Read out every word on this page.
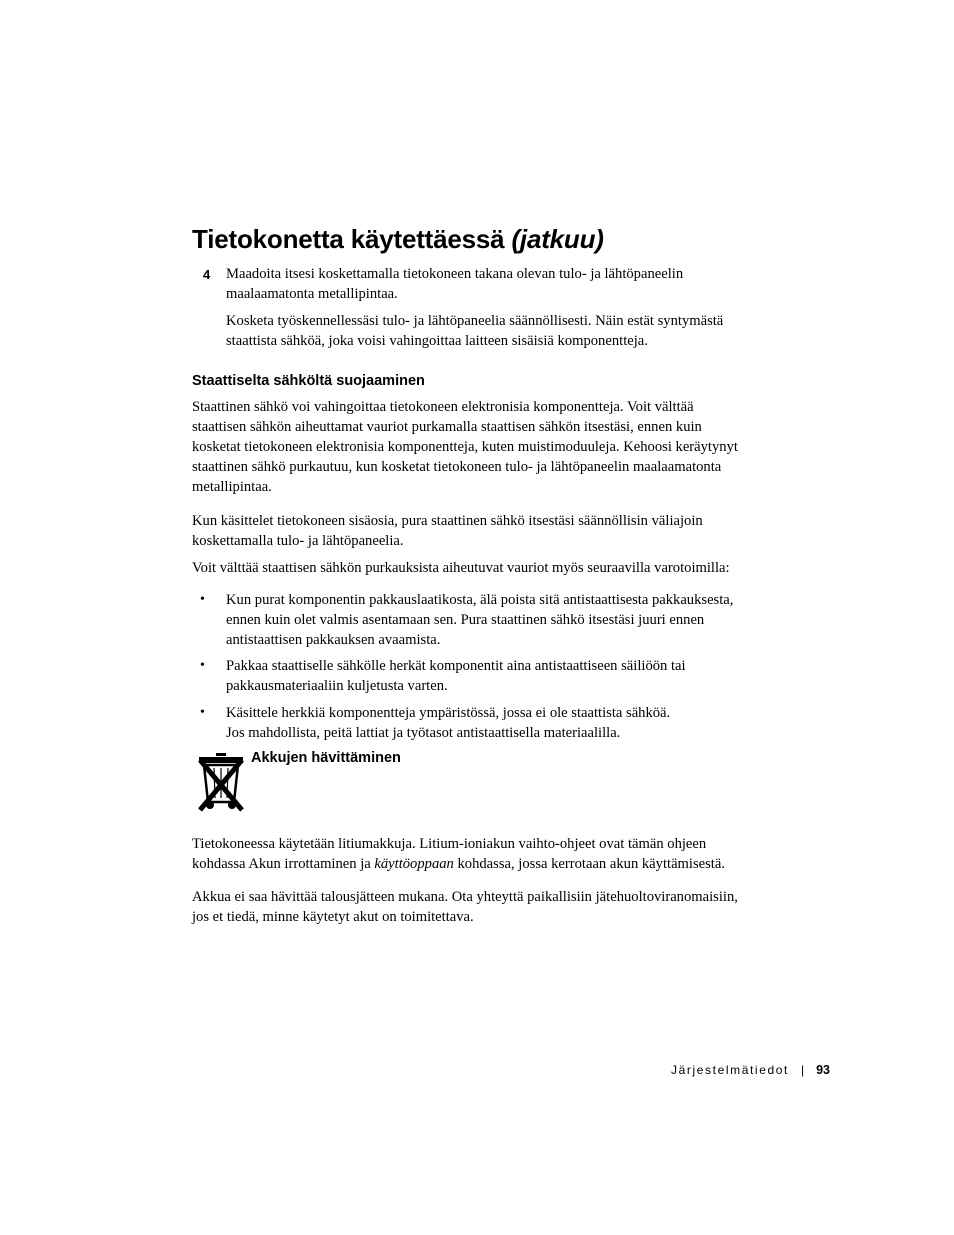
Tietokonetta käytettäessä (jatkuu)
4 Maadoita itsesi koskettamalla tietokoneen takana olevan tulo- ja lähtöpaneelin
maalaamatonta metallipintaa.

Kosketa työskennellessäsi tulo- ja lähtöpaneelia säännöllisesti. Näin estät syntymästä
staattista sähköä, joka voisi vahingoittaa laitteen sisäisiä komponentteja.

Staattiselta sähköltä suojaaminen

Staattinen sähkö voi vahingoittaa tietokoneen elektronisia komponentteja. Voit välttää
staattisen sähkön aiheuttamat vauriot purkamalla staattisen sähkön itsestäsi, ennen kuin
kosketat tietokoneen elektronisia komponentteja, kuten muistimoduuleja. Kehoosi keräytynyt
staattinen sähkö purkautuu, kun kosketat tietokoneen tulo- ja lähtöpaneelin maalaamatonta
metallipintaa.

Kun käsittelet tietokoneen sisäosia, pura staattinen sähkö itsestäsi säännöllisin väliajoin
koskettamalla tulo- ja lähtöpaneelia.

Voit välttää staattisen sähkön purkauksista aiheutuvat vauriot myös seuraavilla varotoimilla:

• Kun purat komponentin pakkauslaatikosta, älä poista sitä antistaattisesta pakkauksesta,
ennen kuin olet valmis asentamaan sen. Pura staattinen sähkö itsestäsi juuri ennen
antistaattisen pakkauksen avaamista.

• Pakkaa staattiselle sähkölle herkät komponentit aina antistaattiseen säiliöön tai
pakkausmateriaaliin kuljetusta varten.

• Käsittele herkkiä komponentteja ympäristössä, jossa ei ole staattista sähköä.
Jos mahdollista, peitä lattiat ja työtasot antistaattisella materiaalilla.

Akkujen hävittäminen

Tietokoneessa käytetään litiumakkuja. Litium-ioniakun vaihto-ohjeet ovat tämän ohjeen
kohdassa Akun irrottaminen ja käyttöoppaan kohdassa, jossa kerrotaan akun käyttämisestä.

Akkua ei saa hävittää talousjätteen mukana. Ota yhteyttä paikallisiin jätehuoltoviranomaisiin,
jos et tiedä, minne käytetyt akut on toimitettava.

Järjestelmätiedot | 93
